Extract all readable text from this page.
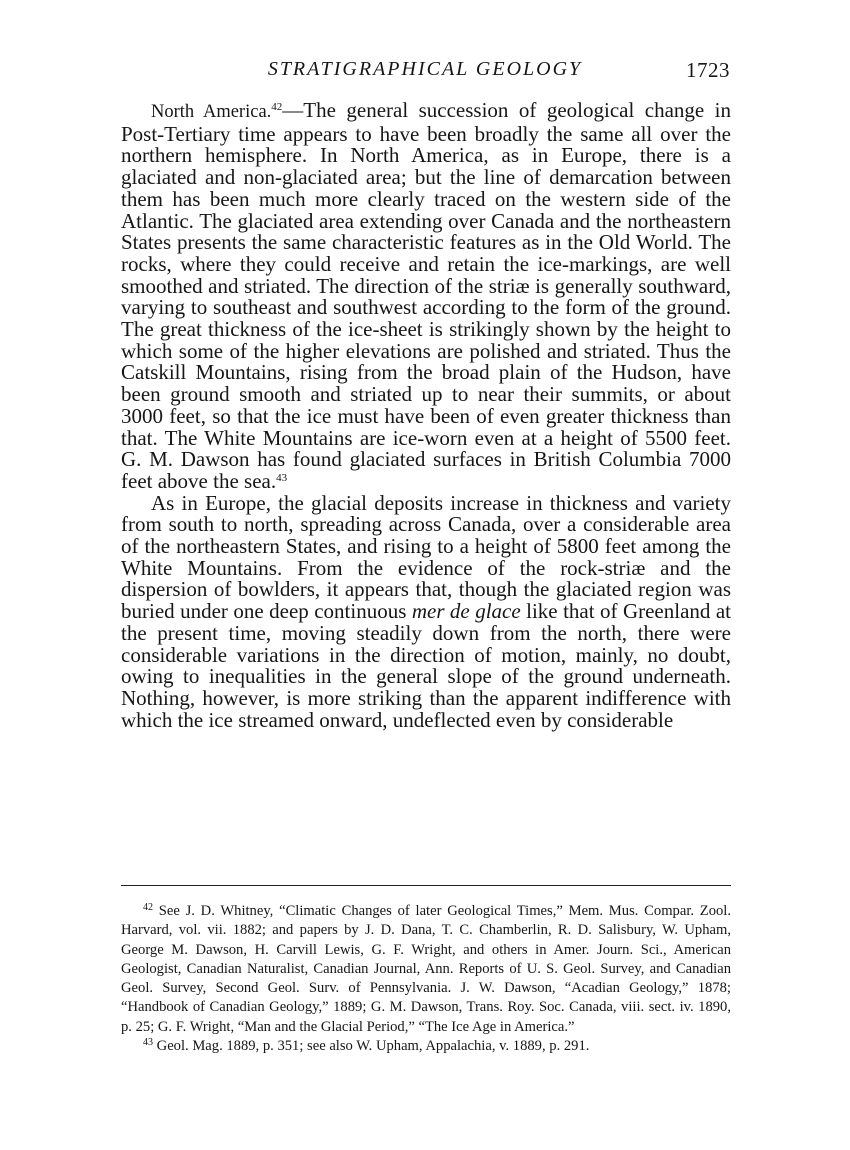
STRATIGRAPHICAL GEOLOGY	1723

North America.$^{42}$—The general succession of geological change in Post-Tertiary time appears to have been broadly the same all over the northern hemisphere. In North America, as in Europe, there is a glaciated and non-glaciated area; but the line of demarcation between them has been much more clearly traced on the western side of the Atlantic. The glaciated area extending over Canada and the northeastern States presents the same characteristic features as in the Old World. The rocks, where they could receive and retain the ice-markings, are well smoothed and striated. The direction of the striæ is generally southward, varying to southeast and southwest according to the form of the ground. The great thickness of the ice-sheet is strikingly shown by the height to which some of the higher elevations are polished and striated. Thus the Catskill Mountains, rising from the broad plain of the Hudson, have been ground smooth and striated up to near their summits, or about 3000 feet, so that the ice must have been of even greater thickness than that. The White Mountains are ice-worn even at a height of 5500 feet. G. M. Dawson has found glaciated surfaces in British Columbia 7000 feet above the sea.$^{43}$

As in Europe, the glacial deposits increase in thickness and variety from south to north, spreading across Canada, over a considerable area of the northeastern States, and rising to a height of 5800 feet among the White Mountains. From the evidence of the rock-striæ and the dispersion of bowlders, it appears that, though the glaciated region was buried under one deep continuous mer de glace like that of Greenland at the present time, moving steadily down from the north, there were considerable variations in the direction of motion, mainly, no doubt, owing to inequalities in the general slope of the ground underneath. Nothing, however, is more striking than the apparent indifference with which the ice streamed onward, undeflected even by considerable

$^{42}$ See J. D. Whitney, “Climatic Changes of later Geological Times,” Mem. Mus. Compar. Zool. Harvard, vol. vii. 1882; and papers by J. D. Dana, T. C. Chamberlin, R. D. Salisbury, W. Upham, George M. Dawson, H. Carvill Lewis, G. F. Wright, and others in Amer. Journ. Sci., American Geologist, Canadian Naturalist, Canadian Journal, Ann. Reports of U. S. Geol. Survey, and Canadian Geol. Survey, Second Geol. Surv. of Pennsylvania. J. W. Dawson, “Acadian Geology,” 1878; “Handbook of Canadian Geology,” 1889; G. M. Dawson, Trans. Roy. Soc. Canada, viii. sect. iv. 1890, p. 25; G. F. Wright, “Man and the Glacial Period,” “The Ice Age in America.”

$^{43}$ Geol. Mag. 1889, p. 351; see also W. Upham, Appalachia, v. 1889, p. 291.
